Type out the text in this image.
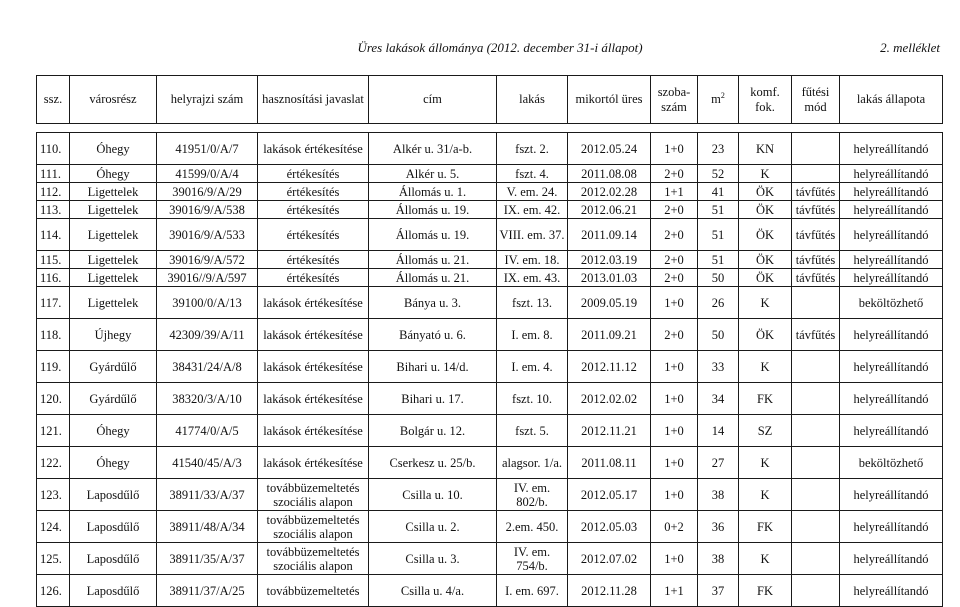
Üres lakások állománya (2012. december 31-i állapot)	2. melléklet
ssz.	városrész	helyrajzi szám	hasznosítási javaslat	cím	lakás	mikortól üres	szoba-szám	$m^2$	komf. fok.	fűtési mód	lakás állapota

110.	Óhegy	41951/0/A/7	lakások értékesítése	Alkér u. 31/a-b.	fszt. 2.	2012.05.24	1+0	23	KN		helyreállítandó
111.	Óhegy	41599/0/A/4	értékesítés	Alkér u. 5.	fszt. 4.	2011.08.08	2+0	52	K		helyreállítandó
112.	Ligettelek	39016/9/A/29	értékesítés	Állomás u. 1.	V. em. 24.	2012.02.28	1+1	41	ÖK	távfűtés	helyreállítandó
113.	Ligettelek	39016/9/A/538	értékesítés	Állomás u. 19.	IX. em. 42.	2012.06.21	2+0	51	ÖK	távfűtés	helyreállítandó
114.	Ligettelek	39016/9/A/533	értékesítés	Állomás u. 19.	VIII. em. 37.	2011.09.14	2+0	51	ÖK	távfűtés	helyreállítandó
115.	Ligettelek	39016/9/A/572	értékesítés	Állomás u. 21.	IV. em. 18.	2012.03.19	2+0	51	ÖK	távfűtés	helyreállítandó
116.	Ligettelek	39016//9/A/597	értékesítés	Állomás u. 21.	IX. em. 43.	2013.01.03	2+0	50	ÖK	távfűtés	helyreállítandó
117.	Ligettelek	39100/0/A/13	lakások értékesítése	Bánya u. 3.	fszt. 13.	2009.05.19	1+0	26	K		beköltözhető
118.	Újhegy	42309/39/A/11	lakások értékesítése	Bányató u. 6.	I. em. 8.	2011.09.21	2+0	50	ÖK	távfűtés	helyreállítandó
119.	Gyárdűlő	38431/24/A/8	lakások értékesítése	Bihari u. 14/d.	I. em. 4.	2012.11.12	1+0	33	K		helyreállítandó
120.	Gyárdűlő	38320/3/A/10	lakások értékesítése	Bihari u. 17.	fszt. 10.	2012.02.02	1+0	34	FK		helyreállítandó
121.	Óhegy	41774/0/A/5	lakások értékesítése	Bolgár u. 12.	fszt. 5.	2012.11.21	1+0	14	SZ		helyreállítandó
122.	Óhegy	41540/45/A/3	lakások értékesítése	Cserkesz u. 25/b.	alagsor. 1/a.	2011.08.11	1+0	27	K		beköltözhető
123.	Laposdűlő	38911/33/A/37	továbbüzemeltetés szociális alapon	Csilla u. 10.	IV. em. 802/b.	2012.05.17	1+0	38	K		helyreállítandó
124.	Laposdűlő	38911/48/A/34	továbbüzemeltetés szociális alapon	Csilla u. 2.	2.em. 450.	2012.05.03	0+2	36	FK		helyreállítandó
125.	Laposdűlő	38911/35/A/37	továbbüzemeltetés szociális alapon	Csilla u. 3.	IV. em. 754/b.	2012.07.02	1+0	38	K		helyreállítandó
126.	Laposdűlő	38911/37/A/25	továbbüzemeltetés	Csilla u. 4/a.	I. em. 697.	2012.11.28	1+1	37	FK		helyreállítandó
